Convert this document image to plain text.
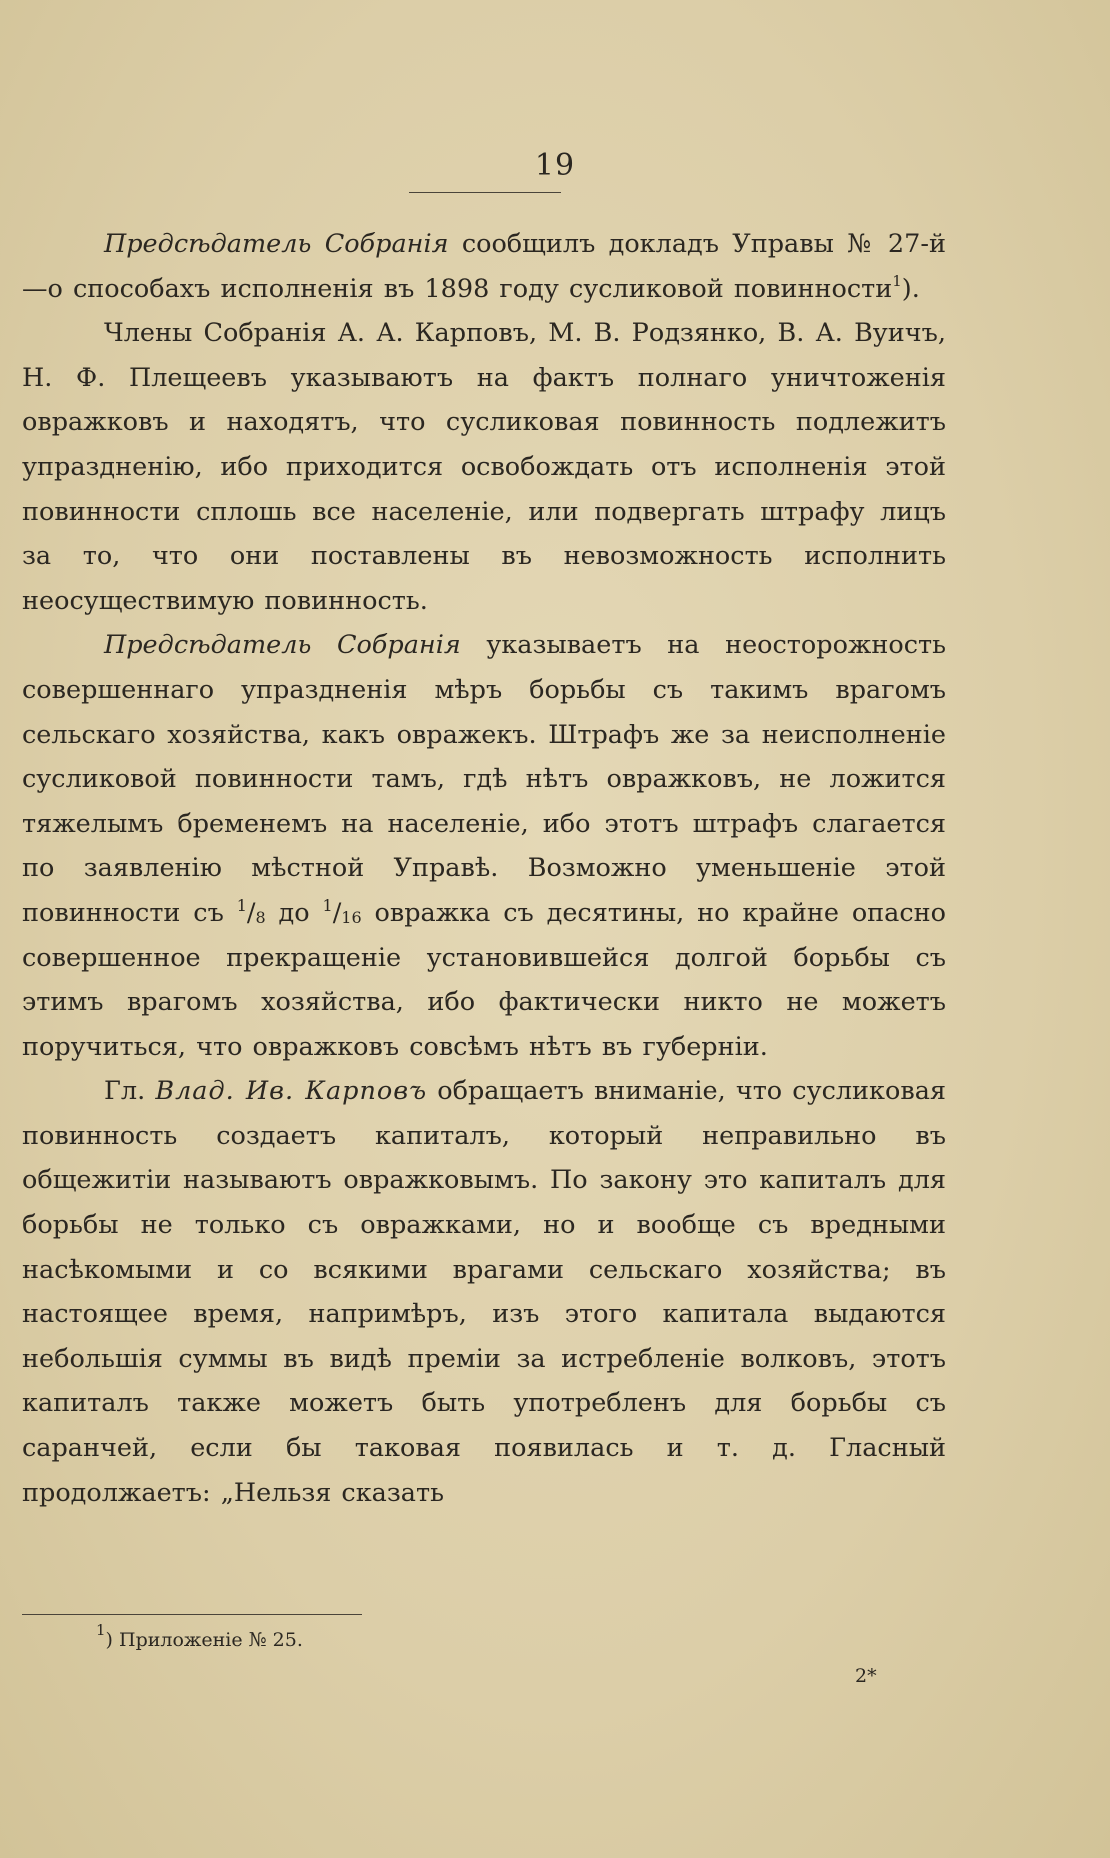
19

Предсѣдатель Собранія сообщилъ докладъ Управы № 27-й—о способахъ исполненія въ 1898 году сусликовой повинности$^1$).

Члены Собранія А. А. Карповъ, М. В. Родзянко, В. А. Вуичъ, Н. Ф. Плещеевъ указываютъ на фактъ полнаго уничтоженія овражковъ и находятъ, что сусликовая повинность подлежитъ упраздненію, ибо приходится освобождать отъ исполненія этой повинности сплошь все населеніе, или подвергать штрафу лицъ за то, что они поставлены въ невозможность исполнить неосуществимую повинность.

Предсѣдатель Собранія указываетъ на неосторожность совершеннаго упраздненія мѣръ борьбы съ такимъ врагомъ сельскаго хозяйства, какъ овражекъ. Штрафъ же за неисполненіе сусликовой повинности тамъ, гдѣ нѣтъ овражковъ, не ложится тяжелымъ бременемъ на населеніе, ибо этотъ штрафъ слагается по заявленію мѣстной Управѣ. Возможно уменьшеніе этой повинности съ $^1/_8$ до $^1/_{16}$ овражка съ десятины, но крайне опасно совершенное прекращеніе установившейся долгой борьбы съ этимъ врагомъ хозяйства, ибо фактически никто не можетъ поручиться, что овражковъ совсѣмъ нѣтъ въ губерніи.

Гл. Влад. Ив. Карповъ обращаетъ вниманіе, что сусликовая повинность создаетъ капиталъ, который неправильно въ общежитіи называютъ овражковымъ. По закону это капиталъ для борьбы не только съ овражками, но и вообще съ вредными насѣкомыми и со всякими врагами сельскаго хозяйства; въ настоящее время, напримѣръ, изъ этого капитала выдаются небольшія суммы въ видѣ преміи за истребленіе волковъ, этотъ капиталъ также можетъ быть употребленъ для борьбы съ саранчей, если бы таковая появилась и т. д. Гласный продолжаетъ: „Нельзя сказать

$^1$) Приложеніе № 25.
2*
